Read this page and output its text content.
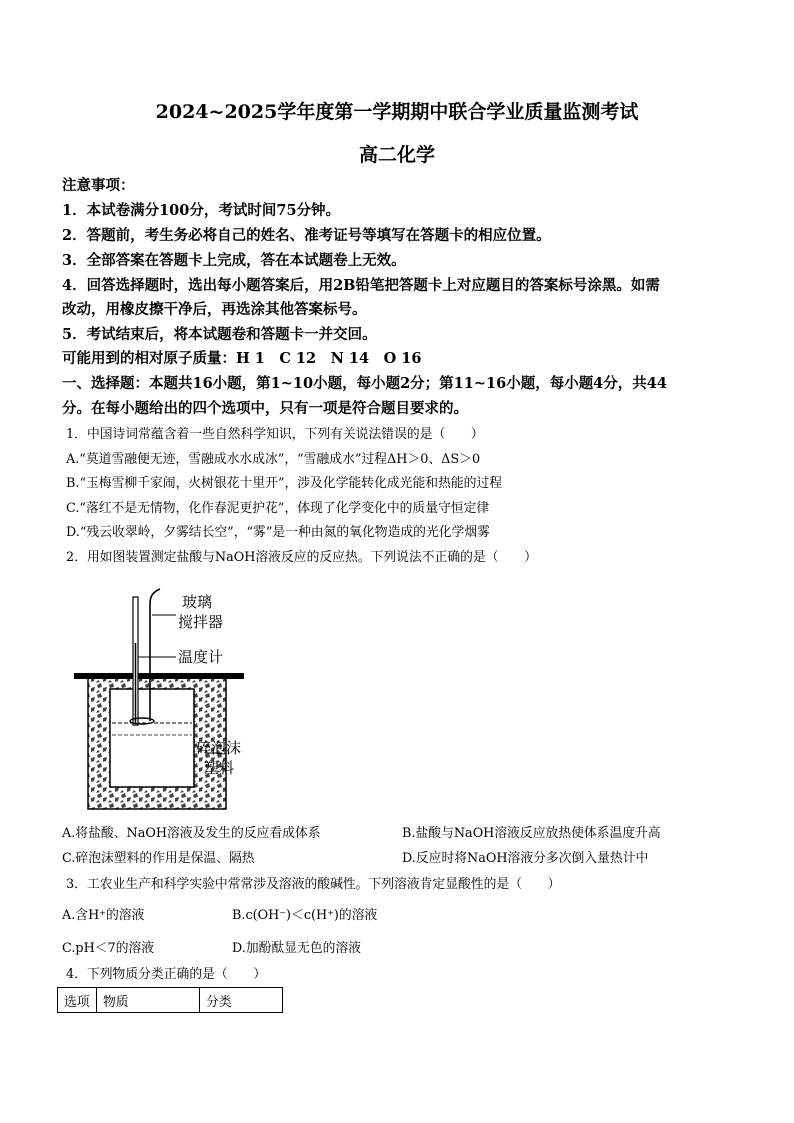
2024~2025学年度第一学期期中联合学业质量监测考试
高二化学
注意事项：
1．本试卷满分100分，考试时间75分钟。
2．答题前，考生务必将自己的姓名、准考证号等填写在答题卡的相应位置。
3．全部答案在答题卡上完成，答在本试题卷上无效。
4．回答选择题时，选出每小题答案后，用2B铅笔把答题卡上对应题目的答案标号涂黑。如需
改动，用橡皮擦干净后，再选涂其他答案标号。
5．考试结束后，将本试题卷和答题卡一并交回。
可能用到的相对原子质量：H 1　C 12　N 14　O 16
一、选择题：本题共16小题，第1~10小题，每小题2分；第11~16小题，每小题4分，共44
分。在每小题给出的四个选项中，只有一项是符合题目要求的。
1．中国诗词常蕴含着一些自然科学知识，下列有关说法错误的是（　　）
A.“莫道雪融便无迹，雪融成水水成冰”，“雪融成水”过程ΔH＞0、ΔS＞0
B.“玉梅雪柳千家闹，火树银花十里开”，涉及化学能转化成光能和热能的过程
C.“落红不是无情物，化作春泥更护花”，体现了化学变化中的质量守恒定律
D.“残云收翠岭，夕雾结长空”，“雾”是一种由氮的氧化物造成的光化学烟雾
2．用如图装置测定盐酸与NaOH溶液反应的反应热。下列说法不正确的是（　　）
玻璃
搅拌器
温度计
碎泡沫
塑料
A.将盐酸、NaOH溶液及发生的反应看成体系	B.盐酸与NaOH溶液反应放热使体系温度升高
C.碎泡沫塑料的作用是保温、隔热	D.反应时将NaOH溶液分多次倒入量热计中
3．工农业生产和科学实验中常常涉及溶液的酸碱性。下列溶液肯定显酸性的是（　　）
A.含H⁺的溶液	B.c(OH⁻)＜c(H⁺)的溶液
C.pH＜7的溶液	D.加酚酞显无色的溶液
4．下列物质分类正确的是（　　）
选项	物质	分类
